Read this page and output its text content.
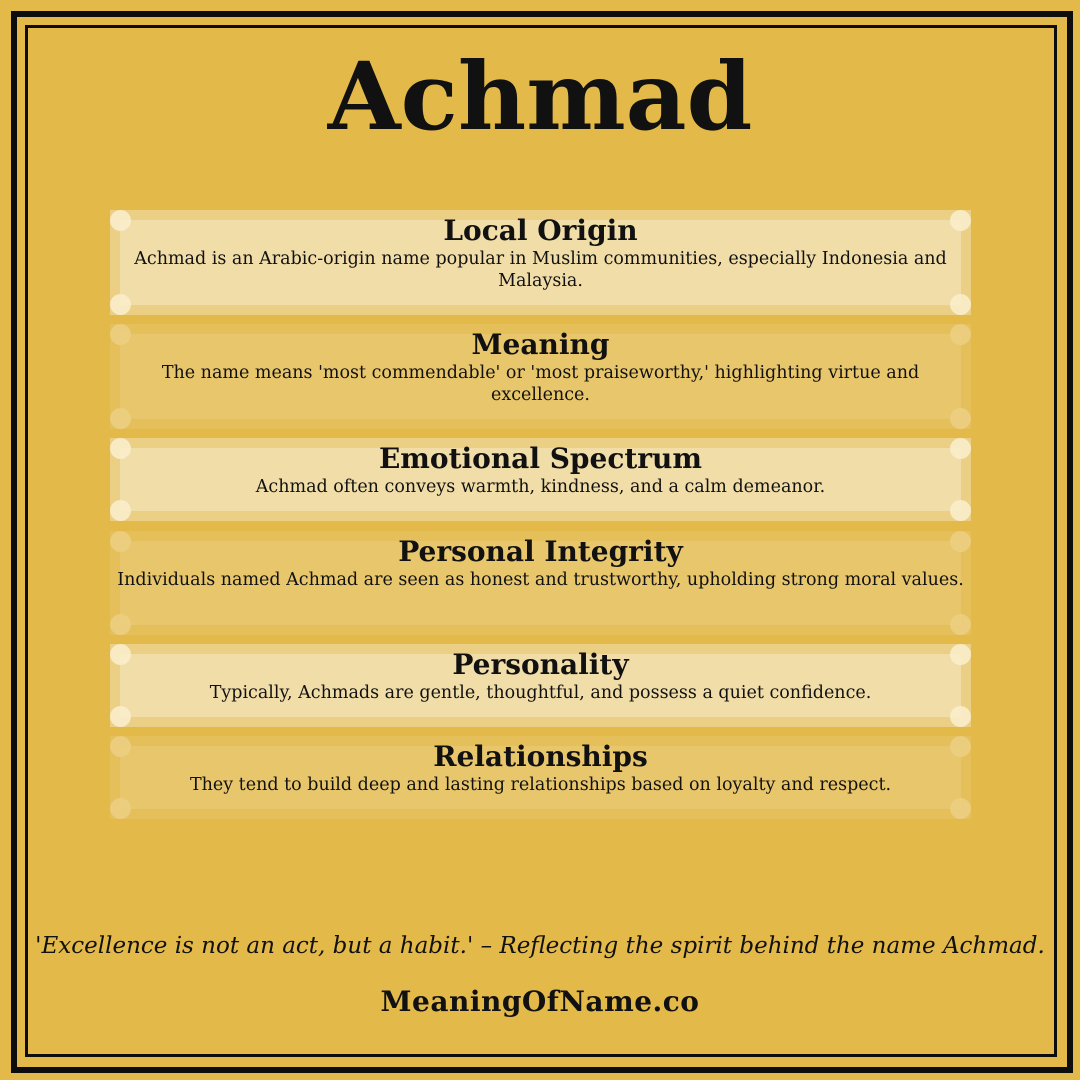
Achmad
Local Origin

Achmad is an Arabic-origin name popular in Muslim communities, especially Indonesia and Malaysia.

Meaning

The name means 'most commendable' or 'most praiseworthy,' highlighting virtue and excellence.

Emotional Spectrum

Achmad often conveys warmth, kindness, and a calm demeanor.

Personal Integrity

Individuals named Achmad are seen as honest and trustworthy, upholding strong moral values.

Personality

Typically, Achmads are gentle, thoughtful, and possess a quiet confidence.

Relationships

They tend to build deep and lasting relationships based on loyalty and respect.

'Excellence is not an act, but a habit.' – Reflecting the spirit behind the name Achmad.
MeaningOfName.co
